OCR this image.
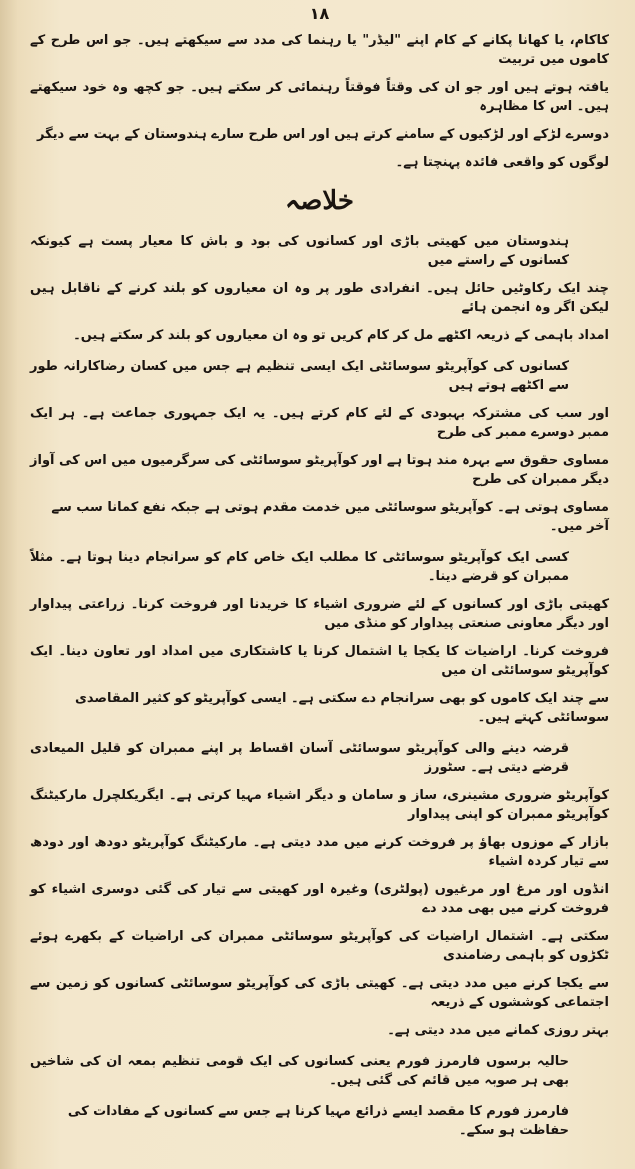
۱۸
کاکام، یا کھانا پکانے کے کام اپنے "لیڈر" یا رہنما کی مدد سے سیکھتے ہیں۔ جو اس طرح کے کاموں میں تربیت
یافتہ ہوتے ہیں اور جو ان کی وقتاً فوقتاً رہنمائی کر سکتے ہیں۔ جو کچھ وہ خود سیکھتے ہیں۔ اس کا مظاہرہ
دوسرے لڑکے اور لڑکیوں کے سامنے کرتے ہیں اور اس طرح سارے ہندوستان کے بہت سے دیگر
لوگوں کو واقعی فائدہ پہنچتا ہے۔
خلاصہ
ہندوستان میں کھیتی باڑی اور کسانوں کی بود و باش کا معیار پست ہے کیونکہ کسانوں کے راستے میں
چند ایک رکاوٹیں حائل ہیں۔ انفرادی طور پر وہ ان معیاروں کو بلند کرنے کے ناقابل ہیں لیکن اگر وہ انجمن ہائے
امداد باہمی کے ذریعہ اکٹھے مل کر کام کریں تو وہ ان معیاروں کو بلند کر سکتے ہیں۔
کسانوں کی کوآپریٹو سوسائٹی ایک ایسی تنظیم ہے جس میں کسان رضاکارانہ طور سے اکٹھے ہوتے ہیں
اور سب کی مشترکہ بہبودی کے لئے کام کرتے ہیں۔ یہ ایک جمہوری جماعت ہے۔ ہر ایک ممبر دوسرے ممبر کی طرح
مساوی حقوق سے بہرہ مند ہوتا ہے اور کوآپریٹو سوسائٹی کی سرگرمیوں میں اس کی آواز دیگر ممبران کی طرح
مساوی ہوتی ہے۔ کوآپریٹو سوسائٹی میں خدمت مقدم ہوتی ہے جبکہ نفع کمانا سب سے آخر میں۔
کسی ایک کوآپریٹو سوسائٹی کا مطلب ایک خاص کام کو سرانجام دینا ہوتا ہے۔ مثلاً ممبران کو قرضے دینا۔
کھیتی باڑی اور کسانوں کے لئے ضروری اشیاء کا خریدنا اور فروخت کرنا۔ زراعتی پیداوار اور دیگر معاونی صنعتی پیداوار کو منڈی میں
فروخت کرنا۔ اراضیات کا یکجا یا اشتمال کرنا یا کاشتکاری میں امداد اور تعاون دینا۔ ایک کوآپریٹو سوسائٹی ان میں
سے چند ایک کاموں کو بھی سرانجام دے سکتی ہے۔ ایسی کوآپریٹو کو کثیر المقاصدی سوسائٹی کہتے ہیں۔
قرضہ دینے والی کوآپریٹو سوسائٹی آسان اقساط پر اپنے ممبران کو قلیل المیعادی قرضے دیتی ہے۔ سٹورز
کوآپریٹو ضروری مشینری، ساز و سامان و دیگر اشیاء مہیا کرتی ہے۔ ایگریکلچرل مارکیٹنگ کوآپریٹو ممبران کو اپنی پیداوار
بازار کے موزوں بھاؤ پر فروخت کرنے میں مدد دیتی ہے۔ مارکیٹنگ کوآپریٹو دودھ اور دودھ سے تیار کردہ اشیاء
انڈوں اور مرغ اور مرغیوں (پولٹری) وغیرہ اور کھیتی سے تیار کی گئی دوسری اشیاء کو فروخت کرنے میں بھی مدد دے
سکتی ہے۔ اشتمال اراضیات کی کوآپریٹو سوسائٹی ممبران کی اراضیات کے بکھرے ہوئے ٹکڑوں کو باہمی رضامندی
سے یکجا کرنے میں مدد دیتی ہے۔ کھیتی باڑی کی کوآپریٹو سوسائٹی کسانوں کو زمین سے اجتماعی کوششوں کے ذریعہ
بہتر روزی کمانے میں مدد دیتی ہے۔
حالیہ برسوں فارمرز فورم یعنی کسانوں کی ایک قومی تنظیم بمعہ ان کی شاخیں بھی ہر صوبہ میں قائم کی گئی ہیں۔
فارمرز فورم کا مقصد ایسے ذرائع مہیا کرنا ہے جس سے کسانوں کے مفادات کی حفاظت ہو سکے۔
